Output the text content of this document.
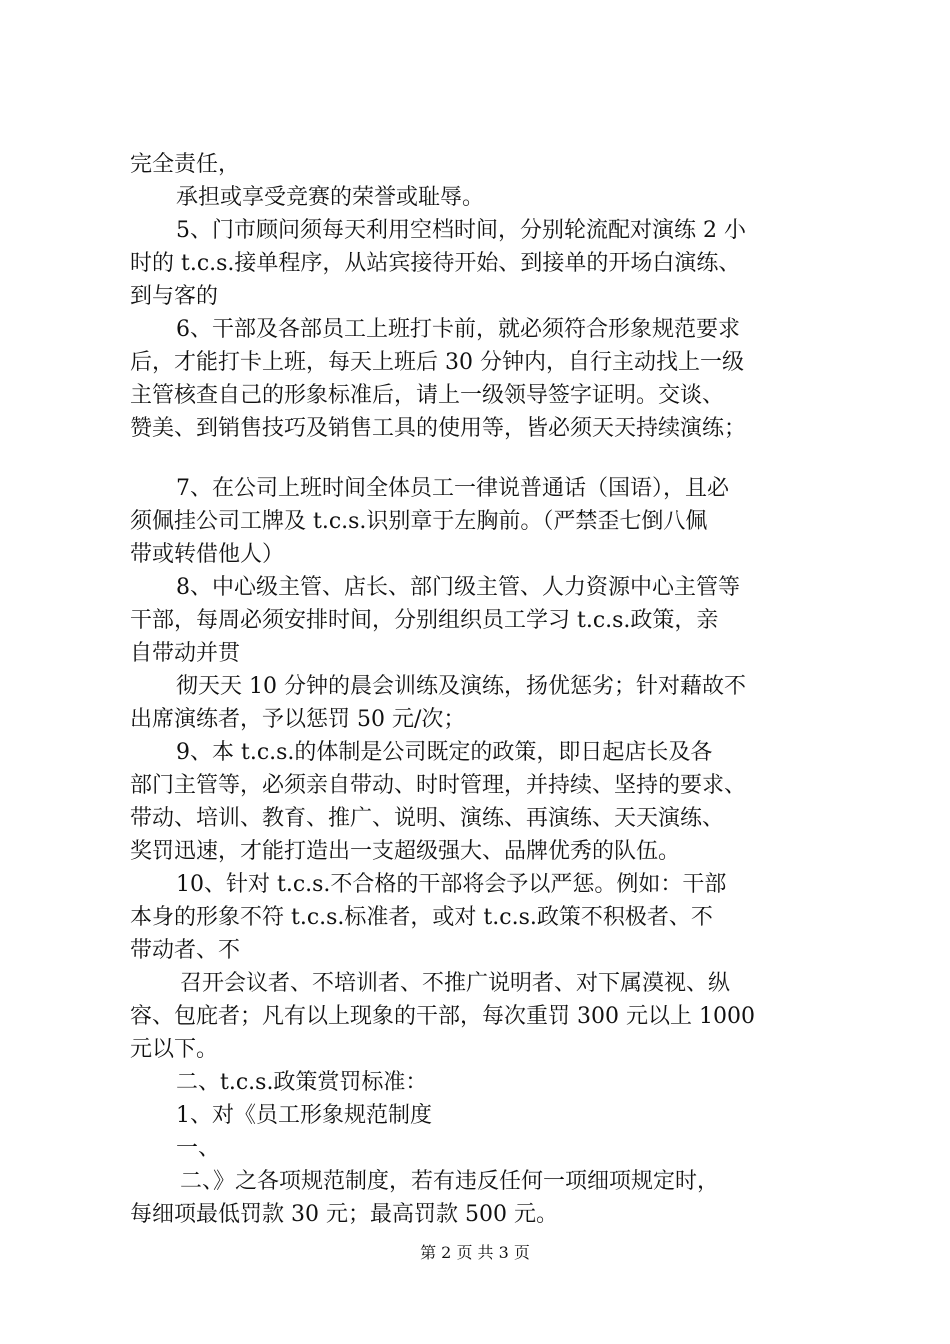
完全责任，
承担或享受竞赛的荣誉或耻辱。
5、门市顾问须每天利用空档时间，分别轮流配对演练 2 小
时的 t.c.s.接单程序，从站宾接待开始、到接单的开场白演练、
到与客的
6、干部及各部员工上班打卡前，就必须符合形象规范要求
后，才能打卡上班，每天上班后 30 分钟内，自行主动找上一级
主管核查自己的形象标准后，请上一级领导签字证明。交谈、
赞美、到销售技巧及销售工具的使用等，皆必须天天持续演练；
7、在公司上班时间全体员工一律说普通话（国语），且必
须佩挂公司工牌及 t.c.s.识别章于左胸前。（严禁歪七倒八佩
带或转借他人）
8、中心级主管、店长、部门级主管、人力资源中心主管等
干部，每周必须安排时间，分别组织员工学习 t.c.s.政策，亲
自带动并贯
彻天天 10 分钟的晨会训练及演练，扬优惩劣；针对藉故不
出席演练者，予以惩罚 50 元/次；
9、本 t.c.s.的体制是公司既定的政策，即日起店长及各
部门主管等，必须亲自带动、时时管理，并持续、坚持的要求、
带动、培训、教育、推广、说明、演练、再演练、天天演练、
奖罚迅速，才能打造出一支超级强大、品牌优秀的队伍。
10、针对 t.c.s.不合格的干部将会予以严惩。例如：干部
本身的形象不符 t.c.s.标准者，或对 t.c.s.政策不积极者、不
带动者、不
召开会议者、不培训者、不推广说明者、对下属漠视、纵
容、包庇者；凡有以上现象的干部，每次重罚 300 元以上 1000
元以下。
二、t.c.s.政策赏罚标准：
1、对《员工形象规范制度
一、
二、》之各项规范制度，若有违反任何一项细项规定时，
每细项最低罚款 30 元；最高罚款 500 元。
第 2 页 共 3 页
